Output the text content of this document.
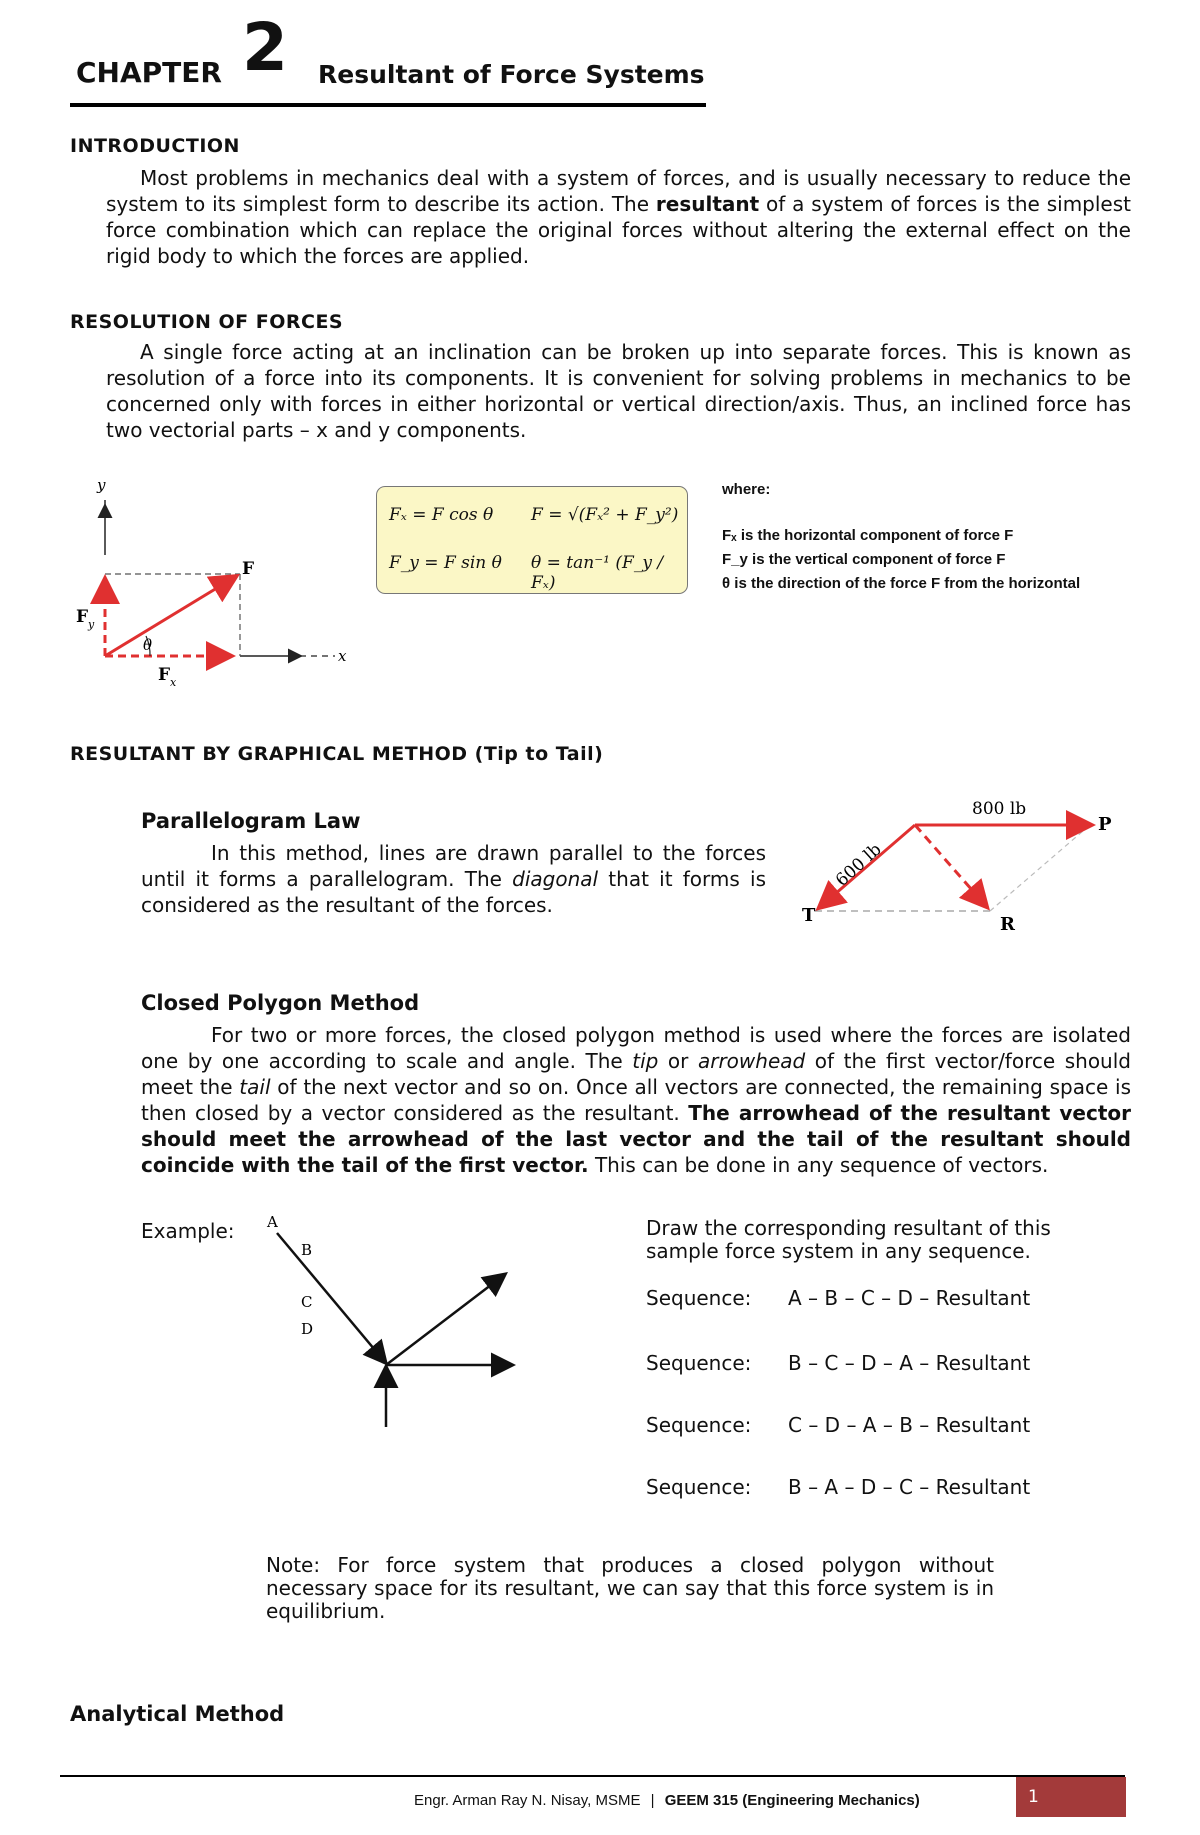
CHAPTER 2 Resultant of Force Systems
INTRODUCTION
Most problems in mechanics deal with a system of forces, and is usually necessary to reduce the system to its simplest form to describe its action. The resultant of a system of forces is the simplest force combination which can replace the original forces without altering the external effect on the rigid body to which the forces are applied.
RESOLUTION OF FORCES
A single force acting at an inclination can be broken up into separate forces. This is known as resolution of a force into its components. It is convenient for solving problems in mechanics to be concerned only with forces in either horizontal or vertical direction/axis. Thus, an inclined force has two vectorial parts – x and y components.
y
x
F
F y
F x
θ
Fₓ = F cos θ F = √(Fₓ² + F_y²)
F_y = F sin θ θ = tan⁻¹ (F_y / Fₓ)
where:
Fₓ is the horizontal component of force F
F_y is the vertical component of force F
θ is the direction of the force F from the horizontal
RESULTANT BY GRAPHICAL METHOD (Tip to Tail)
Parallelogram Law
In this method, lines are drawn parallel to the forces until it forms a parallelogram. The diagonal that it forms is considered as the resultant of the forces.
800 lb
600 lb
P
T	R
Closed Polygon Method
For two or more forces, the closed polygon method is used where the forces are isolated one by one according to scale and angle. The tip or arrowhead of the first vector/force should meet the tail of the next vector and so on. Once all vectors are connected, the remaining space is then closed by a vector considered as the resultant. The arrowhead of the resultant vector should meet the arrowhead of the last vector and the tail of the resultant should coincide with the tail of the first vector. This can be done in any sequence of vectors.
Example: A
B
C
D
Draw the corresponding resultant of this sample force system in any sequence.
Sequence: A – B – C – D – Resultant
Sequence: B – C – D – A – Resultant
Sequence: C – D – A – B – Resultant
Sequence: B – A – D – C – Resultant
Note: For force system that produces a closed polygon without necessary space for its resultant, we can say that this force system is in equilibrium.
Analytical Method
Engr. Arman Ray N. Nisay, MSME | GEEM 315 (Engineering Mechanics)	1
